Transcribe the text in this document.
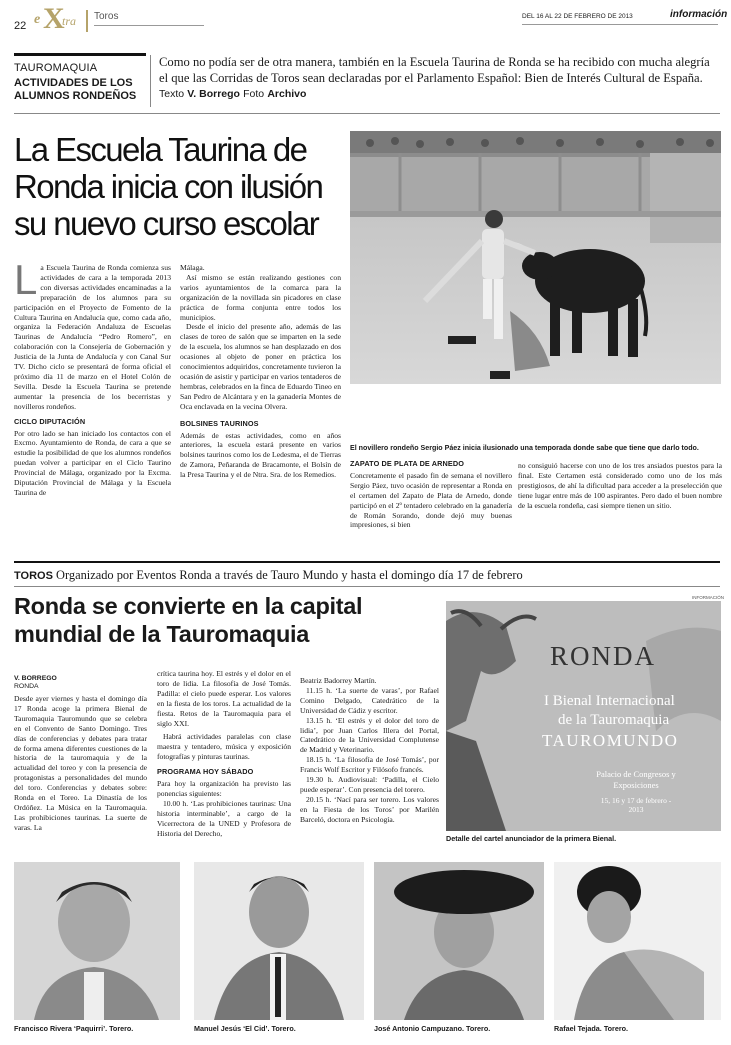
22 e X
tra Toros	DEL 16 AL 22 DE FEBRERO DE 2013	información
TAUROMAQUIA
ACTIVIDADES DE LOS ALUMNOS RONDEÑOS
Como no podía ser de otra manera, también en la Escuela Taurina de Ronda se ha recibido con mucha alegría el que las Corridas de Toros sean declaradas por el Parlamento Español: Bien de Interés Cultural de España. Texto V. Borrego Foto Archivo
La Escuela Taurina de Ronda inicia con ilusión su nuevo curso escolar
El novillero rondeño Sergio Páez inicia ilusionado una temporada donde sabe que tiene que darlo todo.

La Escuela Taurina de Ronda comienza sus actividades de cara a la temporada 2013 con diversas actividades encaminadas a la preparación de los alumnos para su participación en el Proyecto de Fomento de la Cultura Taurina en Andalucía que, como cada año, organiza la Federación Andaluza de Escuelas Taurinas de Andalucía “Pedro Romero”, en colaboración con la Consejería de Gobernación y Justicia de la Junta de Andalucía y con Canal Sur TV. Dicho ciclo se presentará de forma oficial el próximo día 11 de marzo en el Hotel Colón de Sevilla. Desde la Escuela Taurina se pretende aumentar la presencia de los becerristas y novilleros rondeños.

CICLO DIPUTACIÓN

Por otro lado se han iniciado los contactos con el Excmo. Ayuntamiento de Ronda, de cara a que se estudie la posibilidad de que los alumnos rondeños puedan volver a participar en el Ciclo Taurino Provincial de Málaga, organizado por la Excma. Diputación Provincial de Málaga y la Escuela Taurina de

Málaga.

Así mismo se están realizando gestiones con varios ayuntamientos de la comarca para la organización de la novillada sin picadores en clase práctica de forma conjunta entre todos los municipios.

Desde el inicio del presente año, además de las clases de toreo de salón que se imparten en la sede de la escuela, los alumnos se han desplazado en dos ocasiones al objeto de poner en práctica los conocimientos adquiridos, concretamente tuvieron la ocasión de asistir y participar en varios tentaderos de hembras, celebrados en la finca de Eduardo Tineo en San Pedro de Alcántara y en la ganadería Montes de Oca enclavada en la vecina Olvera.

BOLSINES TAURINOS

Además de estas actividades, como en años anteriores, la escuela estará presente en varios bolsines taurinos como los de Ledesma, el de Tierras de Zamora, Peñaranda de Bracamonte, el Bolsín de la Presa Taurina y el de Ntra. Sra. de los Remedios.

ZAPATO DE PLATA DE ARNEDO

Concretamente el pasado fin de semana el novillero Sergio Páez, tuvo ocasión de representar a Ronda en el certamen del Zapato de Plata de Arnedo, donde participó en el 2º tentadero celebrado en la ganadería de Román Sorando, donde dejó muy buenas impresiones, si bien

no consiguió hacerse con uno de los tres ansiados puestos para la final. Este Certamen está considerado como uno de los más prestigiosos, de ahí la dificultad para acceder a la preselección que tiene lugar entre más de 100 aspirantes. Pero dado el buen nombre de la escuela rondeña, casi siempre tienen un sitio.

TOROS Organizado por Eventos Ronda a través de Tauro Mundo y hasta el domingo día 17 de febrero
Ronda se convierte en la capital mundial de la Tauromaquia
V. BORREGO
RONDA

Desde ayer viernes y hasta el domingo día 17 Ronda acoge la primera Bienal de Tauromaquia Tauromundo que se celebra en el Convento de Santo Domingo. Tres días de conferencias y debates para tratar de forma amena diferentes cuestiones de la historia de la tauromaquia y de la actualidad del toreo y con la presencia de protagonistas a personalidades del mundo del toro. Conferencias y debates sobre: Ronda en el Toreo. La Dinastía de los Ordóñez. La Música en la Tauromaquia. Las prohibiciones taurinas. La suerte de varas. La

crítica taurina hoy. El estrés y el dolor en el toro de lidia. La filosofía de José Tomás. Padilla: el cielo puede esperar. Los valores en la fiesta de los toros. La actualidad de la fiesta. Retos de la Tauromaquia para el siglo XXI.

Habrá actividades paralelas con clase maestra y tentadero, música y exposición fotografías y pinturas taurinas.

PROGRAMA HOY SÁBADO

Para hoy la organización ha previsto las ponencias siguientes:

10.00 h. ‘Las prohibiciones taurinas: Una historia interminable’, a cargo de la Vicerrectora de la UNED y Profesora de Historia del Derecho,

Beatriz Badorrey Martín.

11.15 h. ‘La suerte de varas’, por Rafael Comino Delgado, Catedrático de la Universidad de Cádiz y escritor.

13.15 h. ‘El estrés y el dolor del toro de lidia’, por Juan Carlos Illera del Portal, Catedrático de la Universidad Complutense de Madrid y Veterinario.

18.15 h. ‘La filosofía de José Tomás’, por Francis Wolf Escritor y Filósofo francés.

19.30 h. Audiovisual: ‘Padilla, el Cielo puede esperar’. Con presencia del torero.

20.15 h. ‘Nací para ser torero. Los valores en la Fiesta de los Toros’ por Marilén Barceló, doctora en Psicología.

INFORMACIÓN
RONDA
I Bienal Internacional
de la Tauromaquia
TAUROMUNDO
Palacio de Congresos y Exposiciones
15, 16 y 17 de febrero - 2013
Detalle del cartel anunciador de la primera Bienal.
Francisco Rivera ‘Paquirri’. Torero.	Manuel Jesús ‘El Cid’. Torero.	José Antonio Campuzano. Torero.	Rafael Tejada. Torero.
